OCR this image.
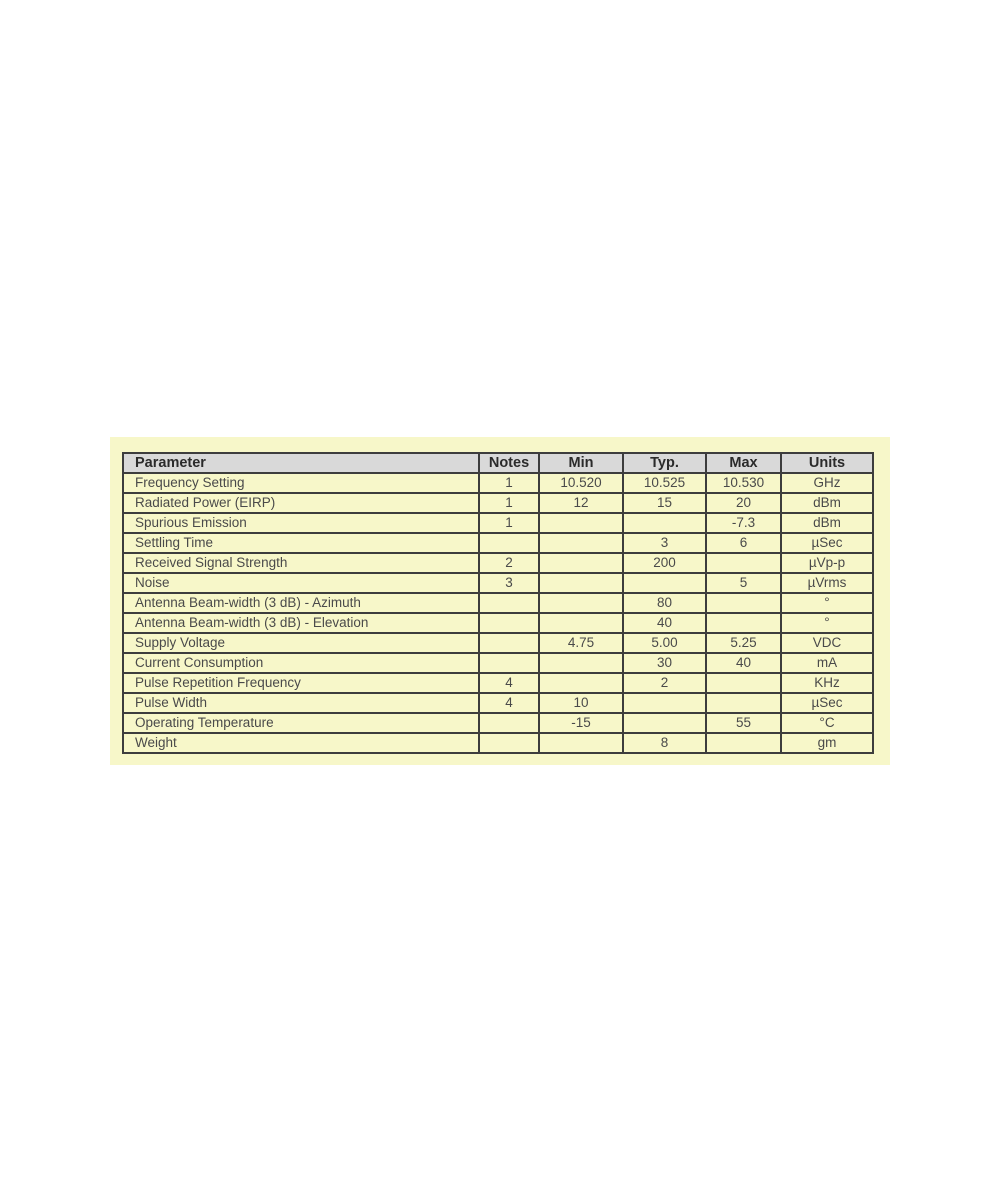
Parameter	Notes	Min	Typ.	Max	Units
Frequency Setting	1	10.520	10.525	10.530	GHz
Radiated Power (EIRP)	1	12	15	20	dBm
Spurious Emission	1			-7.3	dBm
Settling Time			3	6	µSec
Received Signal Strength	2		200		µVp-p
Noise	3			5	µVrms
Antenna Beam-width (3 dB) - Azimuth			80		°
Antenna Beam-width (3 dB) - Elevation			40		°
Supply Voltage		4.75	5.00	5.25	VDC
Current Consumption			30	40	mA
Pulse Repetition Frequency	4		2		KHz
Pulse Width	4	10			µSec
Operating Temperature		-15		55	°C
Weight			8		gm
